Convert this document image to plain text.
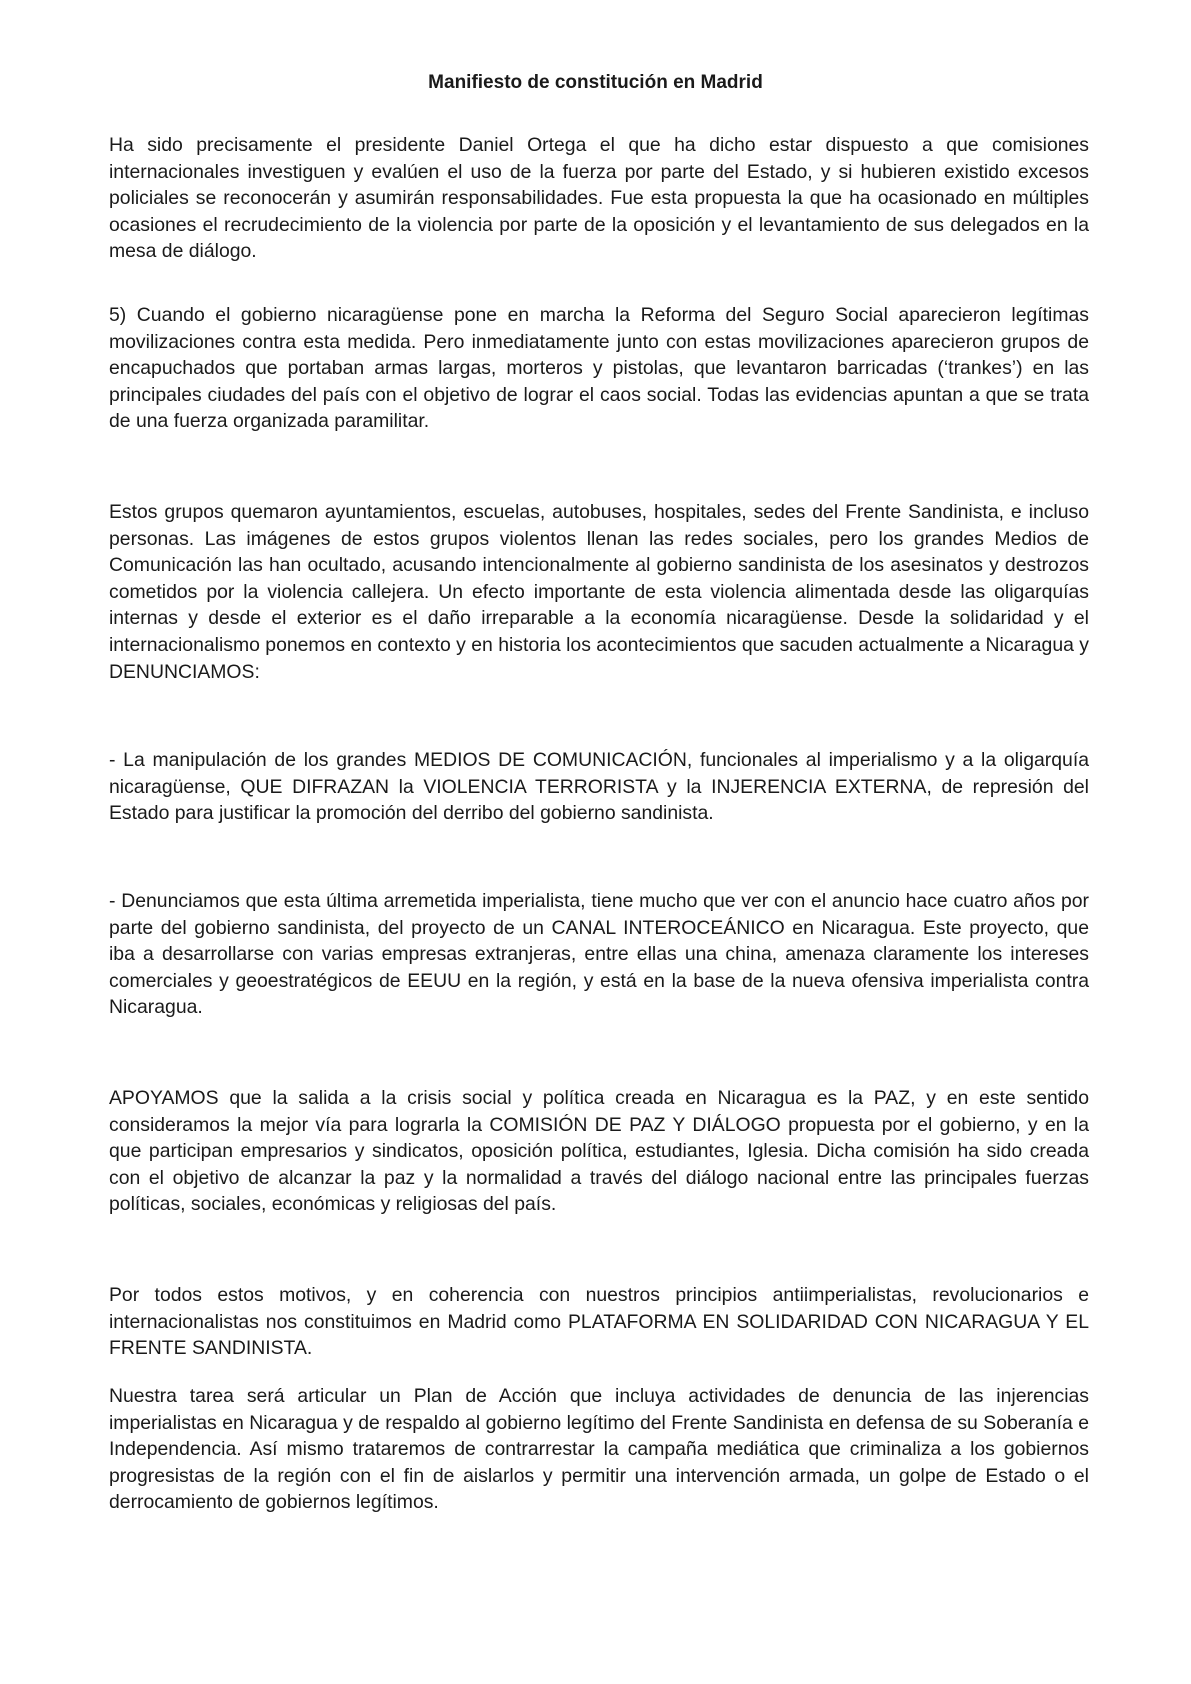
Manifiesto de constitución en Madrid

Ha sido precisamente el presidente Daniel Ortega el que ha dicho estar dispuesto a que comisiones internacionales investiguen y evalúen el uso de la fuerza por parte del Estado, y si hubieren existido excesos policiales se reconocerán y asumirán responsabilidades. Fue esta propuesta la que ha ocasionado en múltiples ocasiones el recrudecimiento de la violencia por parte de la oposición y el levantamiento de sus delegados en la mesa de diálogo.

5) Cuando el gobierno nicaragüense pone en marcha la Reforma del Seguro Social aparecieron legítimas movilizaciones contra esta medida. Pero inmediatamente junto con estas movilizaciones aparecieron grupos de encapuchados que portaban armas largas, morteros y pistolas, que levantaron barricadas (‘trankes’) en las principales ciudades del país con el objetivo de lograr el caos social. Todas las evidencias apuntan a que se trata de una fuerza organizada paramilitar.

Estos grupos quemaron ayuntamientos, escuelas, autobuses, hospitales, sedes del Frente Sandinista, e incluso personas. Las imágenes de estos grupos violentos llenan las redes sociales, pero los grandes Medios de Comunicación las han ocultado, acusando intencionalmente al gobierno sandinista de los asesinatos y destrozos cometidos por la violencia callejera. Un efecto importante de esta violencia alimentada desde las oligarquías internas y desde el exterior es el daño irreparable a la economía nicaragüense. Desde la solidaridad y el internacionalismo ponemos en contexto y en historia los acontecimientos que sacuden actualmente a Nicaragua y DENUNCIAMOS:

- La manipulación de los grandes MEDIOS DE COMUNICACIÓN, funcionales al imperialismo y a la oligarquía nicaragüense, QUE DIFRAZAN la VIOLENCIA TERRORISTA y la INJERENCIA EXTERNA, de represión del Estado para justificar la promoción del derribo del gobierno sandinista.

- Denunciamos que esta última arremetida imperialista, tiene mucho que ver con el anuncio hace cuatro años por parte del gobierno sandinista, del proyecto de un CANAL INTEROCEÁNICO en Nicaragua. Este proyecto, que iba a desarrollarse con varias empresas extranjeras, entre ellas una china, amenaza claramente los intereses comerciales y geoestratégicos de EEUU en la región, y está en la base de la nueva ofensiva imperialista contra Nicaragua.

APOYAMOS que la salida a la crisis social y política creada en Nicaragua es la PAZ, y en este sentido consideramos la mejor vía para lograrla la COMISIÓN DE PAZ Y DIÁLOGO propuesta por el gobierno, y en la que participan empresarios y sindicatos, oposición política, estudiantes, Iglesia. Dicha comisión ha sido creada con el objetivo de alcanzar la paz y la normalidad a través del diálogo nacional entre las principales fuerzas políticas, sociales, económicas y religiosas del país.

Por todos estos motivos, y en coherencia con nuestros principios antiimperialistas, revolucionarios e internacionalistas nos constituimos en Madrid como PLATAFORMA EN SOLIDARIDAD CON NICARAGUA Y EL FRENTE SANDINISTA.

Nuestra tarea será articular un Plan de Acción que incluya actividades de denuncia de las injerencias imperialistas en Nicaragua y de respaldo al gobierno legítimo del Frente Sandinista en defensa de su Soberanía e Independencia. Así mismo trataremos de contrarrestar la campaña mediática que criminaliza a los gobiernos progresistas de la región con el fin de aislarlos y permitir una intervención armada, un golpe de Estado o el derrocamiento de gobiernos legítimos.
